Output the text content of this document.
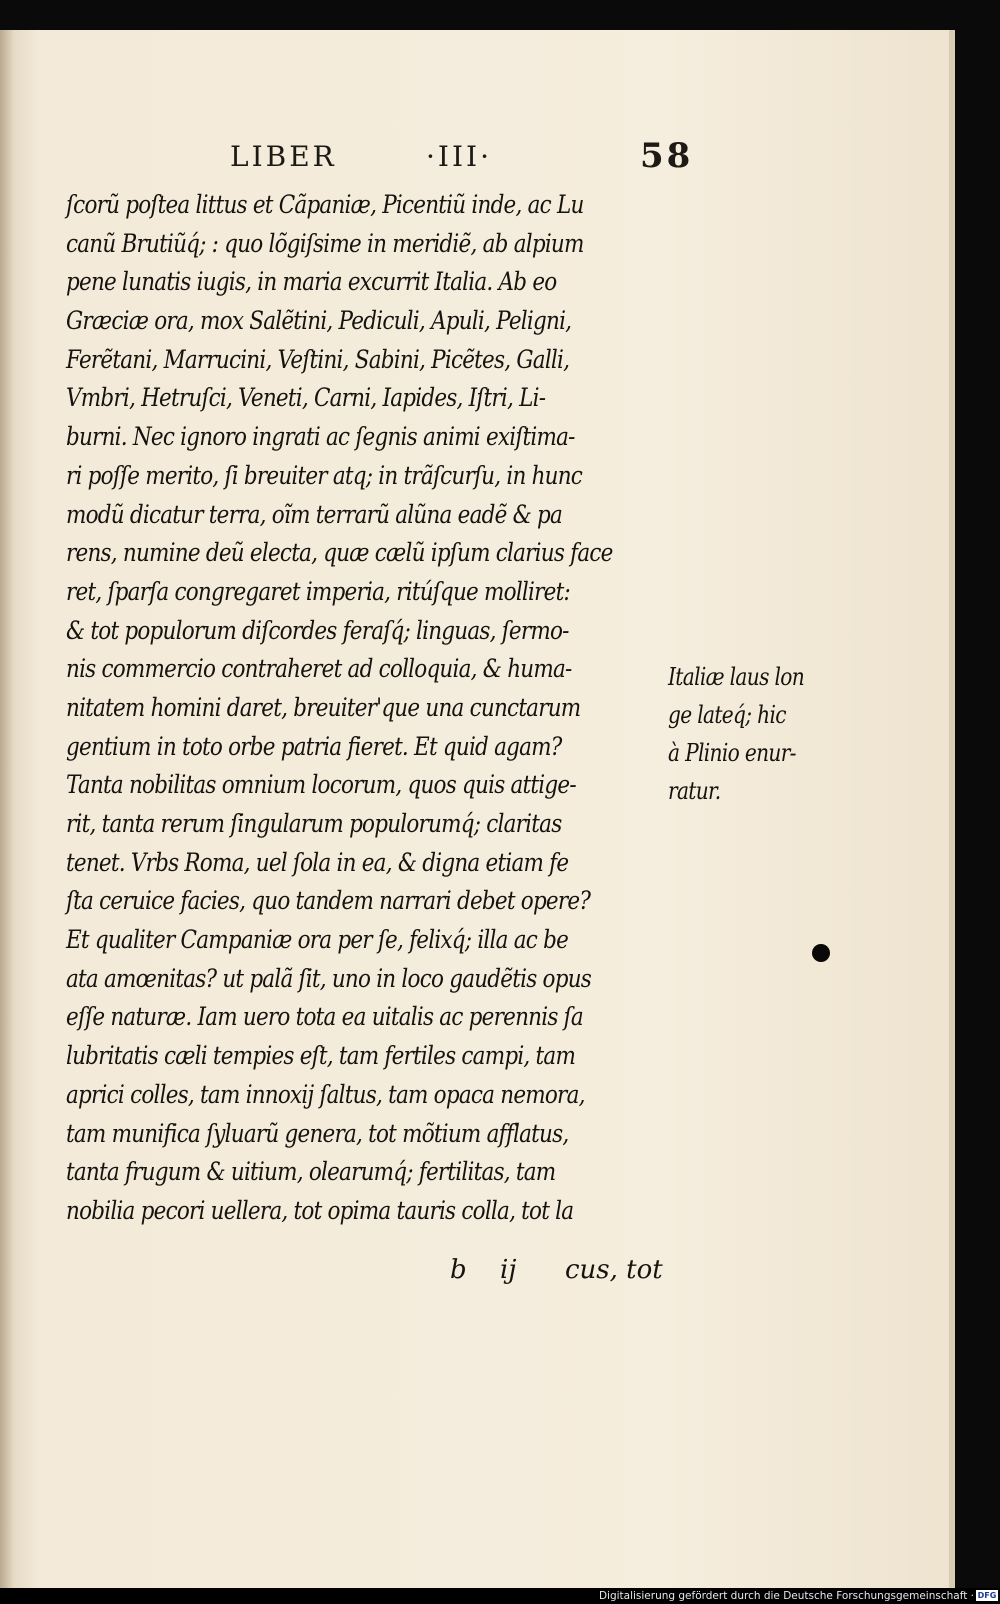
LIBER	·III·	58
ſcorũ poſtea littus et Cãpaniæ, Picentiũ inde, ac Lu
canũ Brutiũq́; : quo lõgiſsime in meridiẽ, ab alpium
pene lunatis iugis, in maria excurrit Italia. Ab eo
Græciæ ora, mox Salẽtini, Pediculi, Apuli, Peligni,
Ferẽtani, Marrucini, Veſtini, Sabini, Picẽtes, Galli,
Vmbri, Hetruſci, Veneti, Carni, Iapides, Iſtri, Li-
burni. Nec ignoro ingrati ac ſegnis animi exiſtima-
ri poſſe merito, ſi breuiter atq; in trãſcurſu, in hunc
modũ dicatur terra, oĩm terrarũ alũna eadẽ & pa
rens, numine deũ electa, quæ cælũ ipſum clarius face
ret, ſparſa congregaret imperia, ritúſque molliret:
& tot populorum diſcordes feraſq́; linguas, ſermo-
nis commercio contraheret ad colloquia, & huma-
nitatem homini daret, breuiter'que una cunctarum
gentium in toto orbe patria fieret. Et quid agam?
Tanta nobilitas omnium locorum, quos quis attige-
rit, tanta rerum ſingularum populorumq́; claritas
tenet. Vrbs Roma, uel ſola in ea, & digna etiam fe
ſta ceruice facies, quo tandem narrari debet opere?
Et qualiter Campaniæ ora per ſe, felixq́; illa ac be
ata amœnitas? ut palã ſit, uno in loco gaudẽtis opus
eſſe naturæ. Iam uero tota ea uitalis ac perennis ſa
lubritatis cæli tempies eſt, tam fertiles campi, tam
aprici colles, tam innoxij ſaltus, tam opaca nemora,
tam munifica ſyluarũ genera, tot mõtium afflatus,
tanta frugum & uitium, olearumq́; fertilitas, tam
nobilia pecori uellera, tot opima tauris colla, tot la
Italiæ laus lon
ge lateq́; hic
à Plinio enur-
ratur.
b ij cus, tot
Digitalisierung gefördert durch die Deutsche Forschungsgemeinschaft · DFG
